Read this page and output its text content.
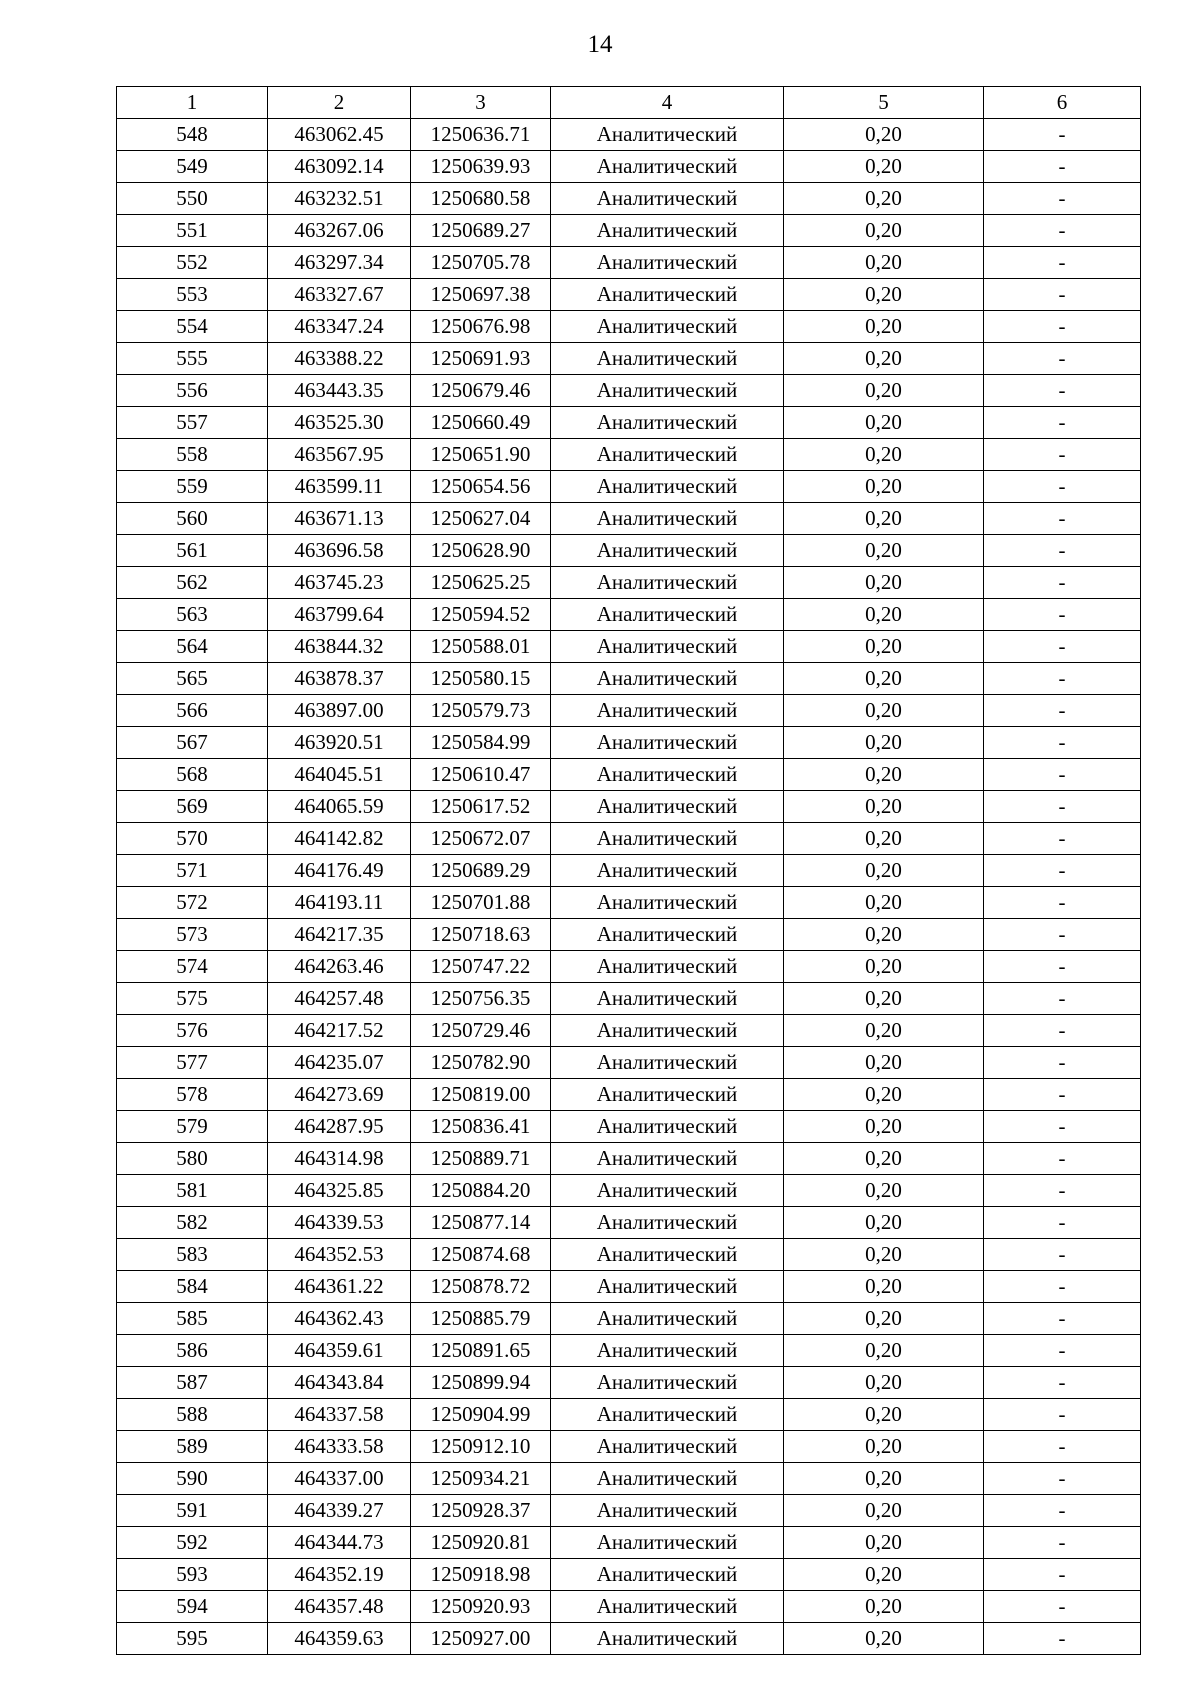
14
1	2	3	4	5	6
548	463062.45	1250636.71	Аналитический	0,20	-
549	463092.14	1250639.93	Аналитический	0,20	-
550	463232.51	1250680.58	Аналитический	0,20	-
551	463267.06	1250689.27	Аналитический	0,20	-
552	463297.34	1250705.78	Аналитический	0,20	-
553	463327.67	1250697.38	Аналитический	0,20	-
554	463347.24	1250676.98	Аналитический	0,20	-
555	463388.22	1250691.93	Аналитический	0,20	-
556	463443.35	1250679.46	Аналитический	0,20	-
557	463525.30	1250660.49	Аналитический	0,20	-
558	463567.95	1250651.90	Аналитический	0,20	-
559	463599.11	1250654.56	Аналитический	0,20	-
560	463671.13	1250627.04	Аналитический	0,20	-
561	463696.58	1250628.90	Аналитический	0,20	-
562	463745.23	1250625.25	Аналитический	0,20	-
563	463799.64	1250594.52	Аналитический	0,20	-
564	463844.32	1250588.01	Аналитический	0,20	-
565	463878.37	1250580.15	Аналитический	0,20	-
566	463897.00	1250579.73	Аналитический	0,20	-
567	463920.51	1250584.99	Аналитический	0,20	-
568	464045.51	1250610.47	Аналитический	0,20	-
569	464065.59	1250617.52	Аналитический	0,20	-
570	464142.82	1250672.07	Аналитический	0,20	-
571	464176.49	1250689.29	Аналитический	0,20	-
572	464193.11	1250701.88	Аналитический	0,20	-
573	464217.35	1250718.63	Аналитический	0,20	-
574	464263.46	1250747.22	Аналитический	0,20	-
575	464257.48	1250756.35	Аналитический	0,20	-
576	464217.52	1250729.46	Аналитический	0,20	-
577	464235.07	1250782.90	Аналитический	0,20	-
578	464273.69	1250819.00	Аналитический	0,20	-
579	464287.95	1250836.41	Аналитический	0,20	-
580	464314.98	1250889.71	Аналитический	0,20	-
581	464325.85	1250884.20	Аналитический	0,20	-
582	464339.53	1250877.14	Аналитический	0,20	-
583	464352.53	1250874.68	Аналитический	0,20	-
584	464361.22	1250878.72	Аналитический	0,20	-
585	464362.43	1250885.79	Аналитический	0,20	-
586	464359.61	1250891.65	Аналитический	0,20	-
587	464343.84	1250899.94	Аналитический	0,20	-
588	464337.58	1250904.99	Аналитический	0,20	-
589	464333.58	1250912.10	Аналитический	0,20	-
590	464337.00	1250934.21	Аналитический	0,20	-
591	464339.27	1250928.37	Аналитический	0,20	-
592	464344.73	1250920.81	Аналитический	0,20	-
593	464352.19	1250918.98	Аналитический	0,20	-
594	464357.48	1250920.93	Аналитический	0,20	-
595	464359.63	1250927.00	Аналитический	0,20	-
